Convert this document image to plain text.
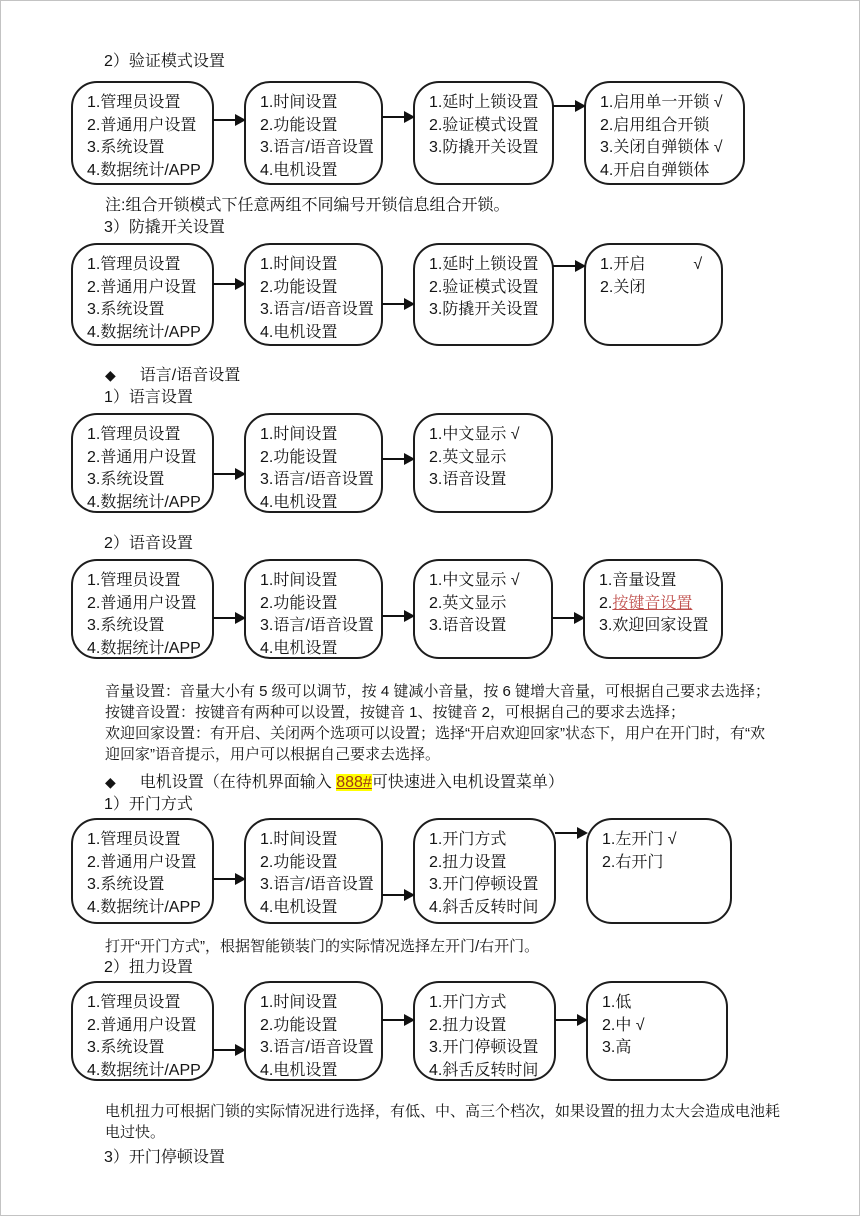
2）验证模式设置
1.管理员设置
2.普通用户设置
3.系统设置
4.数据统计/APP
1.时间设置
2.功能设置
3.语言/语音设置
4.电机设置
1.延时上锁设置
2.验证模式设置
3.防撬开关设置
1.启用单一开锁 √
2.启用组合开锁
3.关闭自弹锁体 √
4.开启自弹锁体
注:组合开锁模式下任意两组不同编号开锁信息组合开锁。
3）防撬开关设置
1.管理员设置
2.普通用户设置
3.系统设置
4.数据统计/APP
1.时间设置
2.功能设置
3.语言/语音设置
4.电机设置
1.延时上锁设置
2.验证模式设置
3.防撬开关设置
1.开启　　　√
2.关闭
◆ 语言/语音设置
1）语言设置
1.管理员设置
2.普通用户设置
3.系统设置
4.数据统计/APP
1.时间设置
2.功能设置
3.语言/语音设置
4.电机设置
1.中文显示 √
2.英文显示
3.语音设置
2）语音设置
1.管理员设置
2.普通用户设置
3.系统设置
4.数据统计/APP
1.时间设置
2.功能设置
3.语言/语音设置
4.电机设置
1.中文显示 √
2.英文显示
3.语音设置
1.音量设置
2.按键音设置
3.欢迎回家设置
音量设置：音量大小有 5 级可以调节，按 4 键减小音量，按 6 键增大音量，可根据自己要求去选择；
按键音设置：按键音有两种可以设置，按键音 1、按键音 2，可根据自己的要求去选择；
欢迎回家设置：有开启、关闭两个选项可以设置；选择“开启欢迎回家”状态下，用户在开门时，有“欢
迎回家”语音提示，用户可以根据自己要求去选择。
◆ 电机设置（在待机界面输入 888#可快速进入电机设置菜单）
1）开门方式
1.管理员设置
2.普通用户设置
3.系统设置
4.数据统计/APP
1.时间设置
2.功能设置
3.语言/语音设置
4.电机设置
1.开门方式
2.扭力设置
3.开门停顿设置
4.斜舌反转时间
1.左开门 √
2.右开门
打开“开门方式”，根据智能锁装门的实际情况选择左开门/右开门。
2）扭力设置
1.管理员设置
2.普通用户设置
3.系统设置
4.数据统计/APP
1.时间设置
2.功能设置
3.语言/语音设置
4.电机设置
1.开门方式
2.扭力设置
3.开门停顿设置
4.斜舌反转时间
1.低
2.中 √
3.高
电机扭力可根据门锁的实际情况进行选择，有低、中、高三个档次，如果设置的扭力太大会造成电池耗
电过快。
3）开门停顿设置
